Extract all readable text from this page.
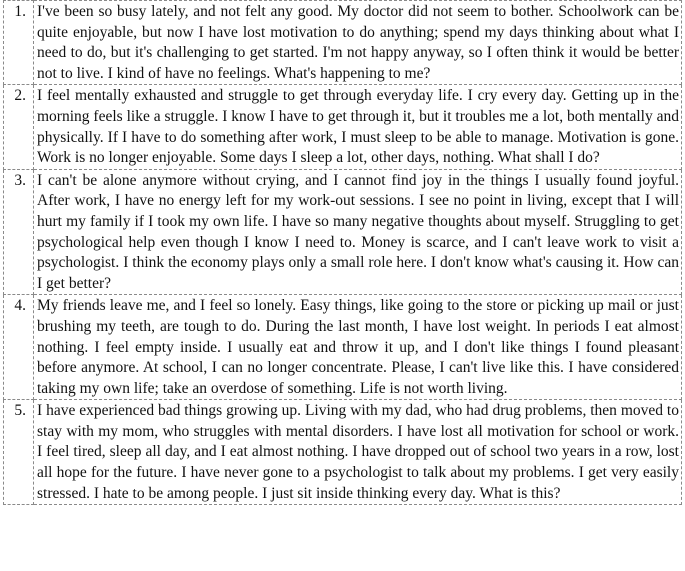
1.	I've been so busy lately, and not felt any good. My doctor did not seem to bother. Schoolwork can be quite enjoyable, but now I have lost motivation to do anything; spend my days thinking about what I need to do, but it's challenging to get started. I'm not happy anyway, so I often think it would be better not to live. I kind of have no feelings. What's happening to me?
2.	I feel mentally exhausted and struggle to get through everyday life. I cry every day. Getting up in the morning feels like a struggle. I know I have to get through it, but it troubles me a lot, both mentally and physically. If I have to do something after work, I must sleep to be able to manage. Motivation is gone. Work is no longer enjoyable. Some days I sleep a lot, other days, nothing. What shall I do?
3.	I can't be alone anymore without crying, and I cannot find joy in the things I usually found joyful. After work, I have no energy left for my work-out sessions. I see no point in living, except that I will hurt my family if I took my own life. I have so many negative thoughts about myself. Struggling to get psychological help even though I know I need to. Money is scarce, and I can't leave work to visit a psychologist. I think the economy plays only a small role here. I don't know what's causing it. How can I get better?
4.	My friends leave me, and I feel so lonely. Easy things, like going to the store or picking up mail or just brushing my teeth, are tough to do. During the last month, I have lost weight. In periods I eat almost nothing. I feel empty inside. I usually eat and throw it up, and I don't like things I found pleasant before anymore. At school, I can no longer concentrate. Please, I can't live like this. I have considered taking my own life; take an overdose of something. Life is not worth living.
5.	I have experienced bad things growing up. Living with my dad, who had drug problems, then moved to stay with my mom, who struggles with mental disorders. I have lost all motivation for school or work. I feel tired, sleep all day, and I eat almost nothing. I have dropped out of school two years in a row, lost all hope for the future. I have never gone to a psychologist to talk about my problems. I get very easily stressed. I hate to be among people. I just sit inside thinking every day. What is this?
